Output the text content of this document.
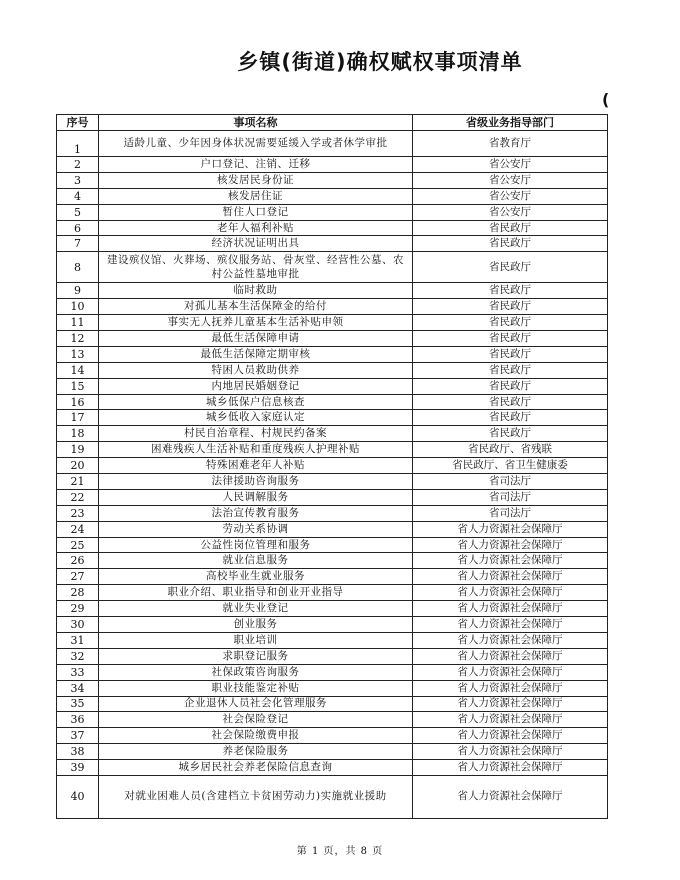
乡镇(街道)确权赋权事项清单
(
序号	事项名称	省级业务指导部门
1	适龄儿童、少年因身体状况需要延缓入学或者休学审批	省教育厅
2	户口登记、注销、迁移	省公安厅
3	核发居民身份证	省公安厅
4	核发居住证	省公安厅
5	暂住人口登记	省公安厅
6	老年人福利补贴	省民政厅
7	经济状况证明出具	省民政厅
8	建设殡仪馆、火葬场、殡仪服务站、骨灰堂、经营性公墓、农村公益性墓地审批	省民政厅
9	临时救助	省民政厅
10	对孤儿基本生活保障金的给付	省民政厅
11	事实无人抚养儿童基本生活补贴申领	省民政厅
12	最低生活保障申请	省民政厅
13	最低生活保障定期审核	省民政厅
14	特困人员救助供养	省民政厅
15	内地居民婚姻登记	省民政厅
16	城乡低保户信息核查	省民政厅
17	城乡低收入家庭认定	省民政厅
18	村民自治章程、村规民约备案	省民政厅
19	困难残疾人生活补贴和重度残疾人护理补贴	省民政厅、省残联
20	特殊困难老年人补贴	省民政厅、省卫生健康委
21	法律援助咨询服务	省司法厅
22	人民调解服务	省司法厅
23	法治宣传教育服务	省司法厅
24	劳动关系协调	省人力资源社会保障厅
25	公益性岗位管理和服务	省人力资源社会保障厅
26	就业信息服务	省人力资源社会保障厅
27	高校毕业生就业服务	省人力资源社会保障厅
28	职业介绍、职业指导和创业开业指导	省人力资源社会保障厅
29	就业失业登记	省人力资源社会保障厅
30	创业服务	省人力资源社会保障厅
31	职业培训	省人力资源社会保障厅
32	求职登记服务	省人力资源社会保障厅
33	社保政策咨询服务	省人力资源社会保障厅
34	职业技能鉴定补贴	省人力资源社会保障厅
35	企业退休人员社会化管理服务	省人力资源社会保障厅
36	社会保险登记	省人力资源社会保障厅
37	社会保险缴费申报	省人力资源社会保障厅
38	养老保险服务	省人力资源社会保障厅
39	城乡居民社会养老保险信息查询	省人力资源社会保障厅
40	对就业困难人员(含建档立卡贫困劳动力)实施就业援助	省人力资源社会保障厅
第 1 页，共 8 页
